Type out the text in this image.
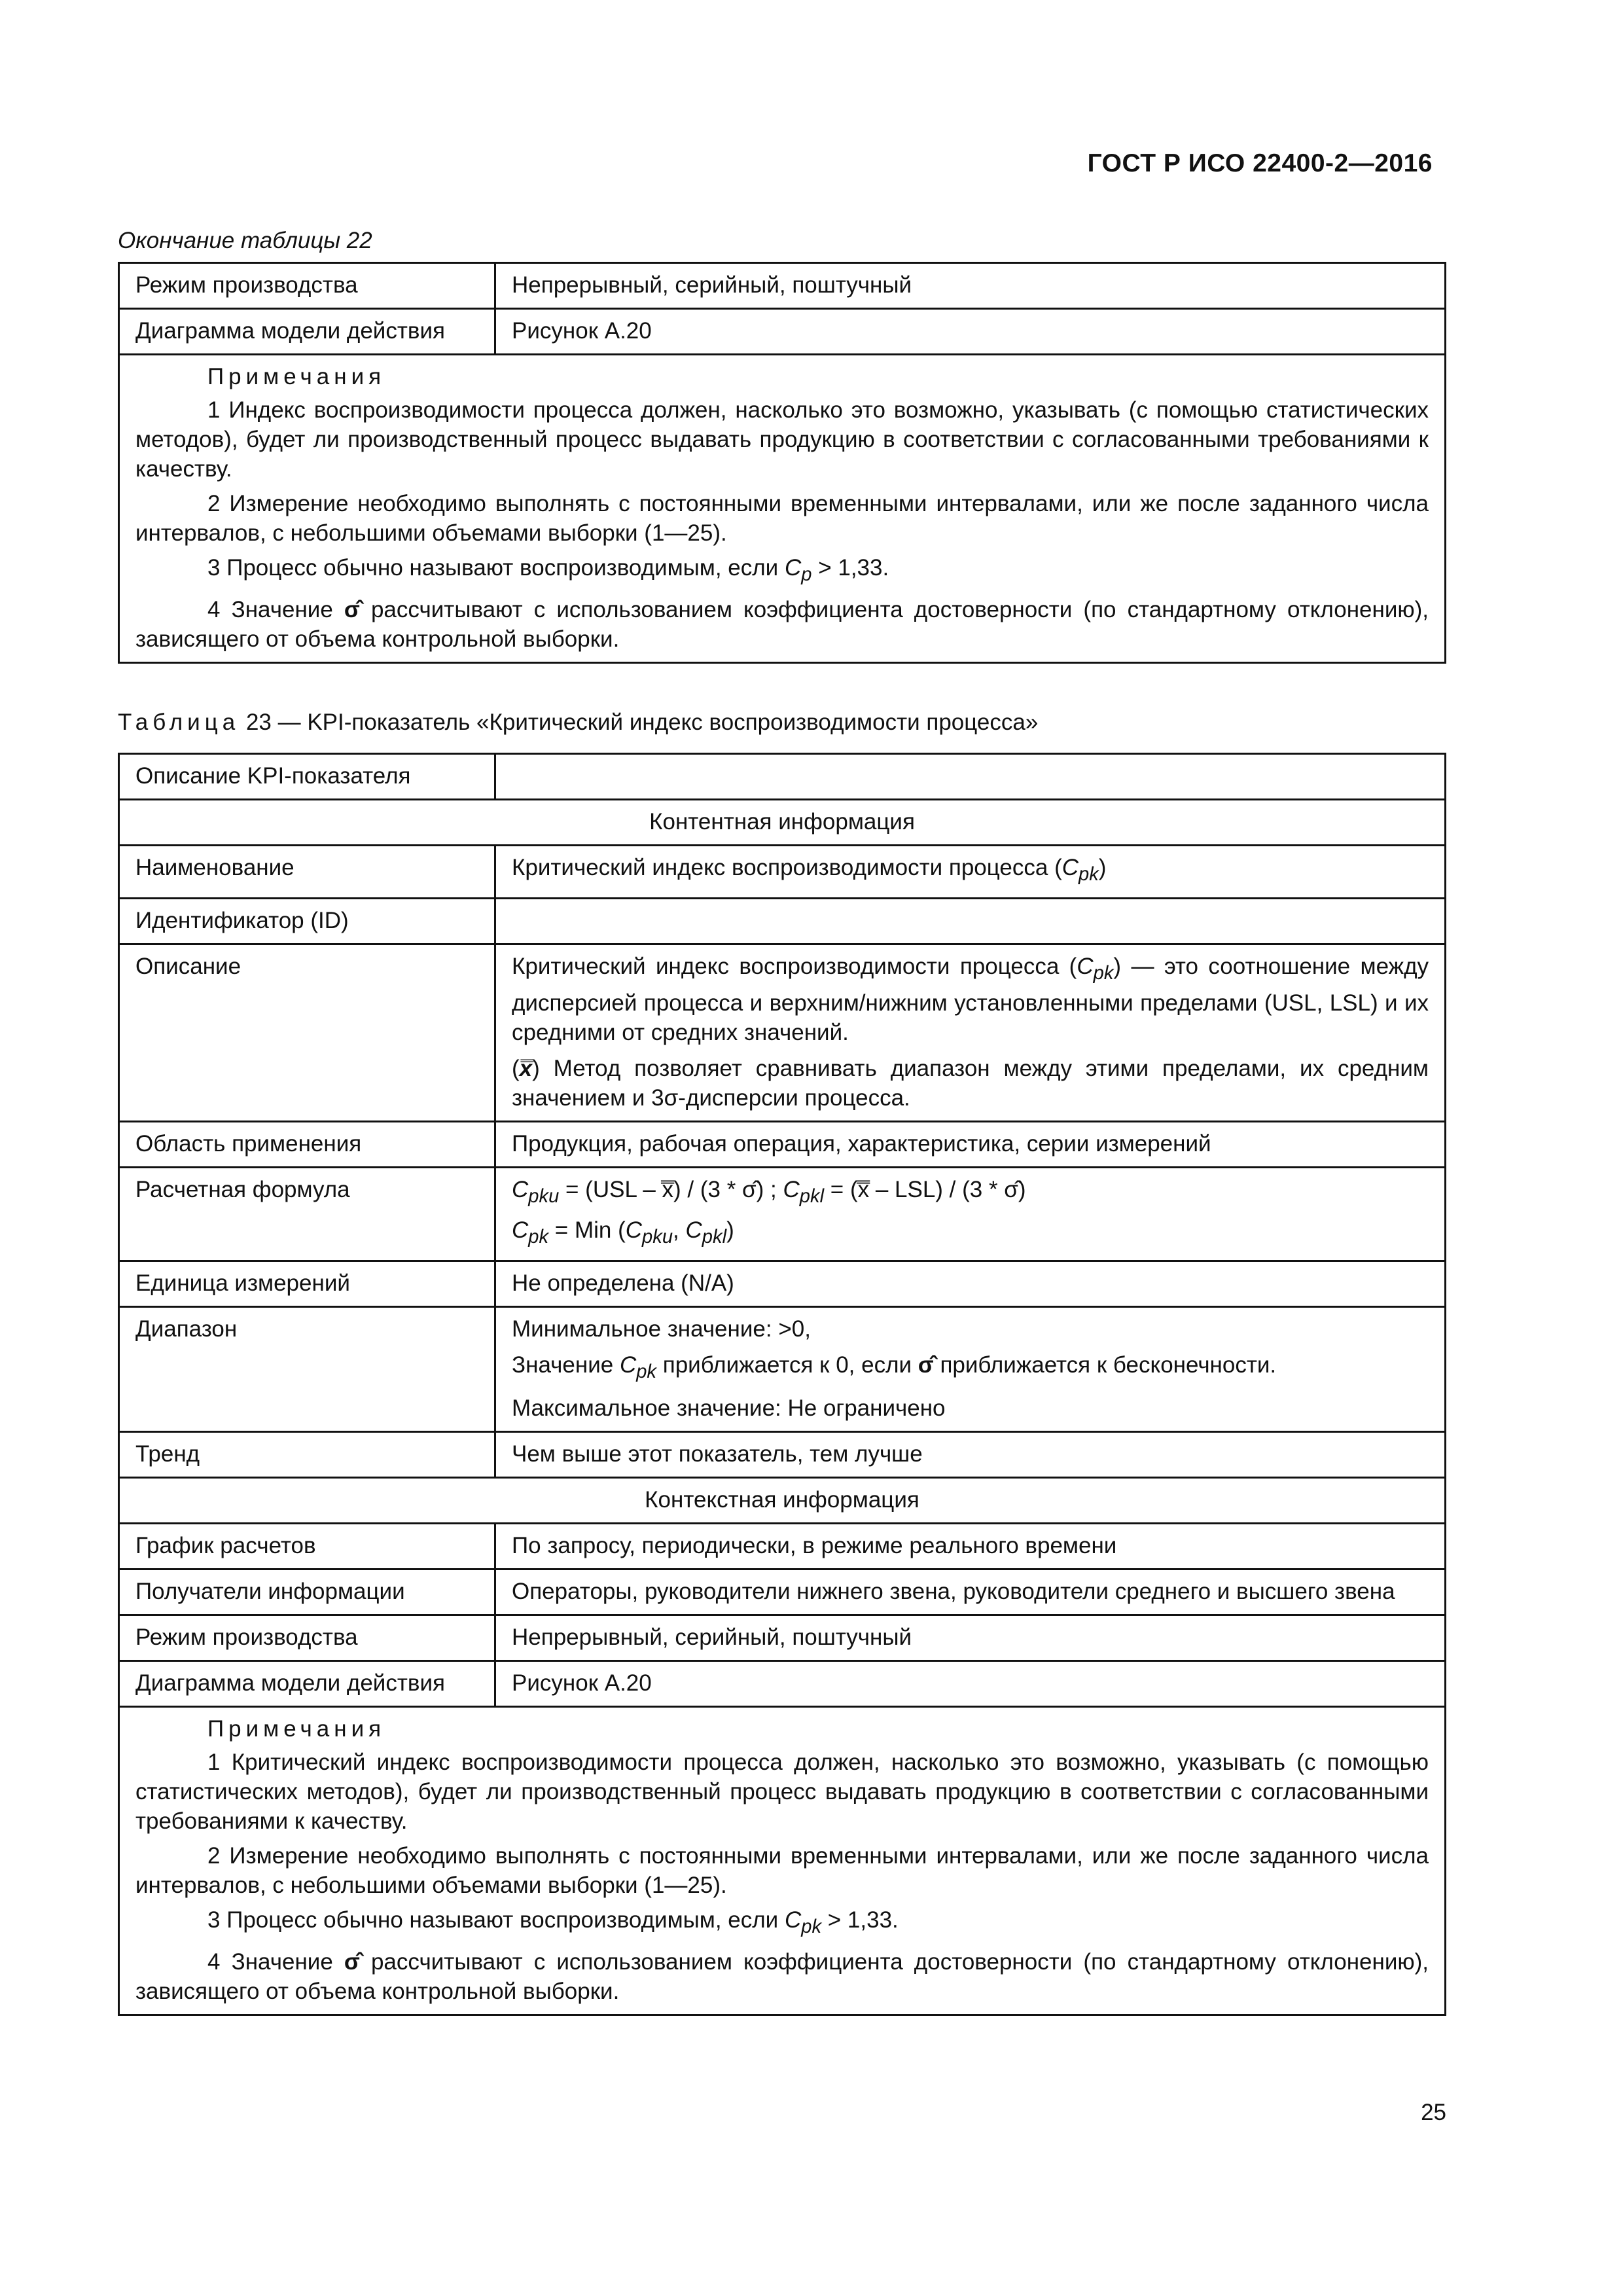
ГОСТ Р ИСО 22400-2—2016
Окончание таблицы 22
Режим производства	Непрерывный, серийный, поштучный
Диаграмма модели действия	Рисунок A.20

Примечания

1 Индекс воспроизводимости процесса должен, насколько это возможно, указывать (с помощью статистических методов), будет ли производственный процесс выдавать продукцию в соответствии с согласованными требованиями к качеству.

2 Измерение необходимо выполнять с постоянными временными интервалами, или же после заданного числа интервалов, с небольшими объемами выборки (1—25).

3 Процесс обычно называют воспроизводимым, если $C_p > 1,33$.

4 Значение σ̂ рассчитывают с использованием коэффициента достоверности (по стандартному отклонению), зависящего от объема контрольной выборки.	

Таблица 23 — KPI-показатель «Критический индекс воспроизводимости процесса»
Описание KPI-показателя	
Контентная информация	
Наименование	Критический индекс воспроизводимости процесса $(C_{pk})$
Идентификатор (ID)	
Описание	Критический индекс воспроизводимости процесса $(C_{pk})$ — это соотношение между дисперсией процесса и верхним/нижним установленными пределами (USL, LSL) и их средними от средних значений.

(x̿) Метод позволяет сравнивать диапазон между этими пределами, их средним значением и 3σ-дисперсии процесса.

Область применения	Продукция, рабочая операция, характеристика, серии измерений
Расчетная формула	$C_{pku} = (USL$ – x̿) / (3 * σ̂) ; $C_{pkl}$ = (x̿ – LSL) / (3 * σ̂)

$C_{pk}$ = Min ($C_{pku}$, $C_{pkl}$)

Единица измерений	Не определена (N/A)
Диапазон	Минимальное значение: >0,

Значение $C_{pk}$ приближается к 0, если σ̂ приближается к бесконечности.

Максимальное значение: Не ограничено

Тренд	Чем выше этот показатель, тем лучше
Контекстная информация	
График расчетов	По запросу, периодически, в режиме реального времени
Получатели информации	Операторы, руководители нижнего звена, руководители среднего и высшего звена
Режим производства	Непрерывный, серийный, поштучный
Диаграмма модели действия	Рисунок A.20

Примечания

1 Критический индекс воспроизводимости процесса должен, насколько это возможно, указывать (с помощью статистических методов), будет ли производственный процесс выдавать продукцию в соответствии с согласованными требованиями к качеству.

2 Измерение необходимо выполнять с постоянными временными интервалами, или же после заданного числа интервалов, с небольшими объемами выборки (1—25).

3 Процесс обычно называют воспроизводимым, если $C_{pk} > 1,33$.

4 Значение σ̂ рассчитывают с использованием коэффициента достоверности (по стандартному отклонению), зависящего от объема контрольной выборки.	

25
